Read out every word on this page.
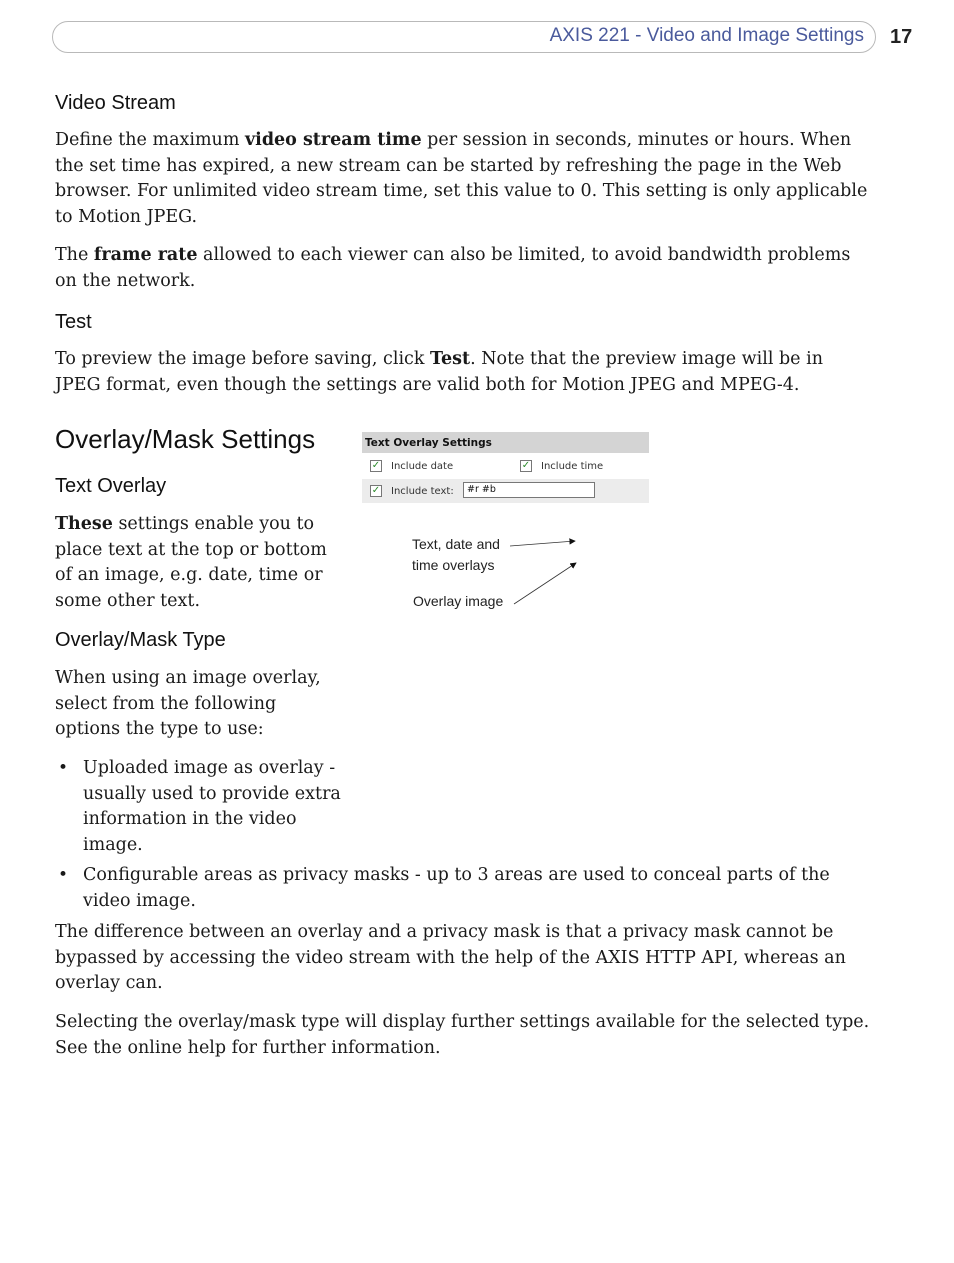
AXIS 221 - Video and Image Settings 17
Video Stream

Define the maximum video stream time per session in seconds, minutes or hours. When the set time has expired, a new stream can be started by refreshing the page in the Web browser. For unlimited video stream time, set this value to 0. This setting is only applicable to Motion JPEG.

The frame rate allowed to each viewer can also be limited, to avoid bandwidth problems on the network.

Test

To preview the image before saving, click Test. Note that the preview image will be in JPEG format, even though the settings are valid both for Motion JPEG and MPEG-4.

Overlay/Mask Settings
Text Overlay

These settings enable you to place text at the top or bottom of an image, e.g. date, time or some other text.

Overlay/Mask Type

When using an image overlay, select from the following options the type to use:

• Uploaded image as overlay - usually used to provide extra information in the video image.

• Configurable areas as privacy masks - up to 3 areas are used to conceal parts of the video image.

The difference between an overlay and a privacy mask is that a privacy mask cannot be bypassed by accessing the video stream with the help of the AXIS HTTP API, whereas an overlay can.

Selecting the overlay/mask type will display further settings available for the selected type. See the online help for further information.

Text Overlay Settings
✓ Include date	✓ Include time
✓ Include text:	#r #b
Text, date and
time overlays
Overlay image
